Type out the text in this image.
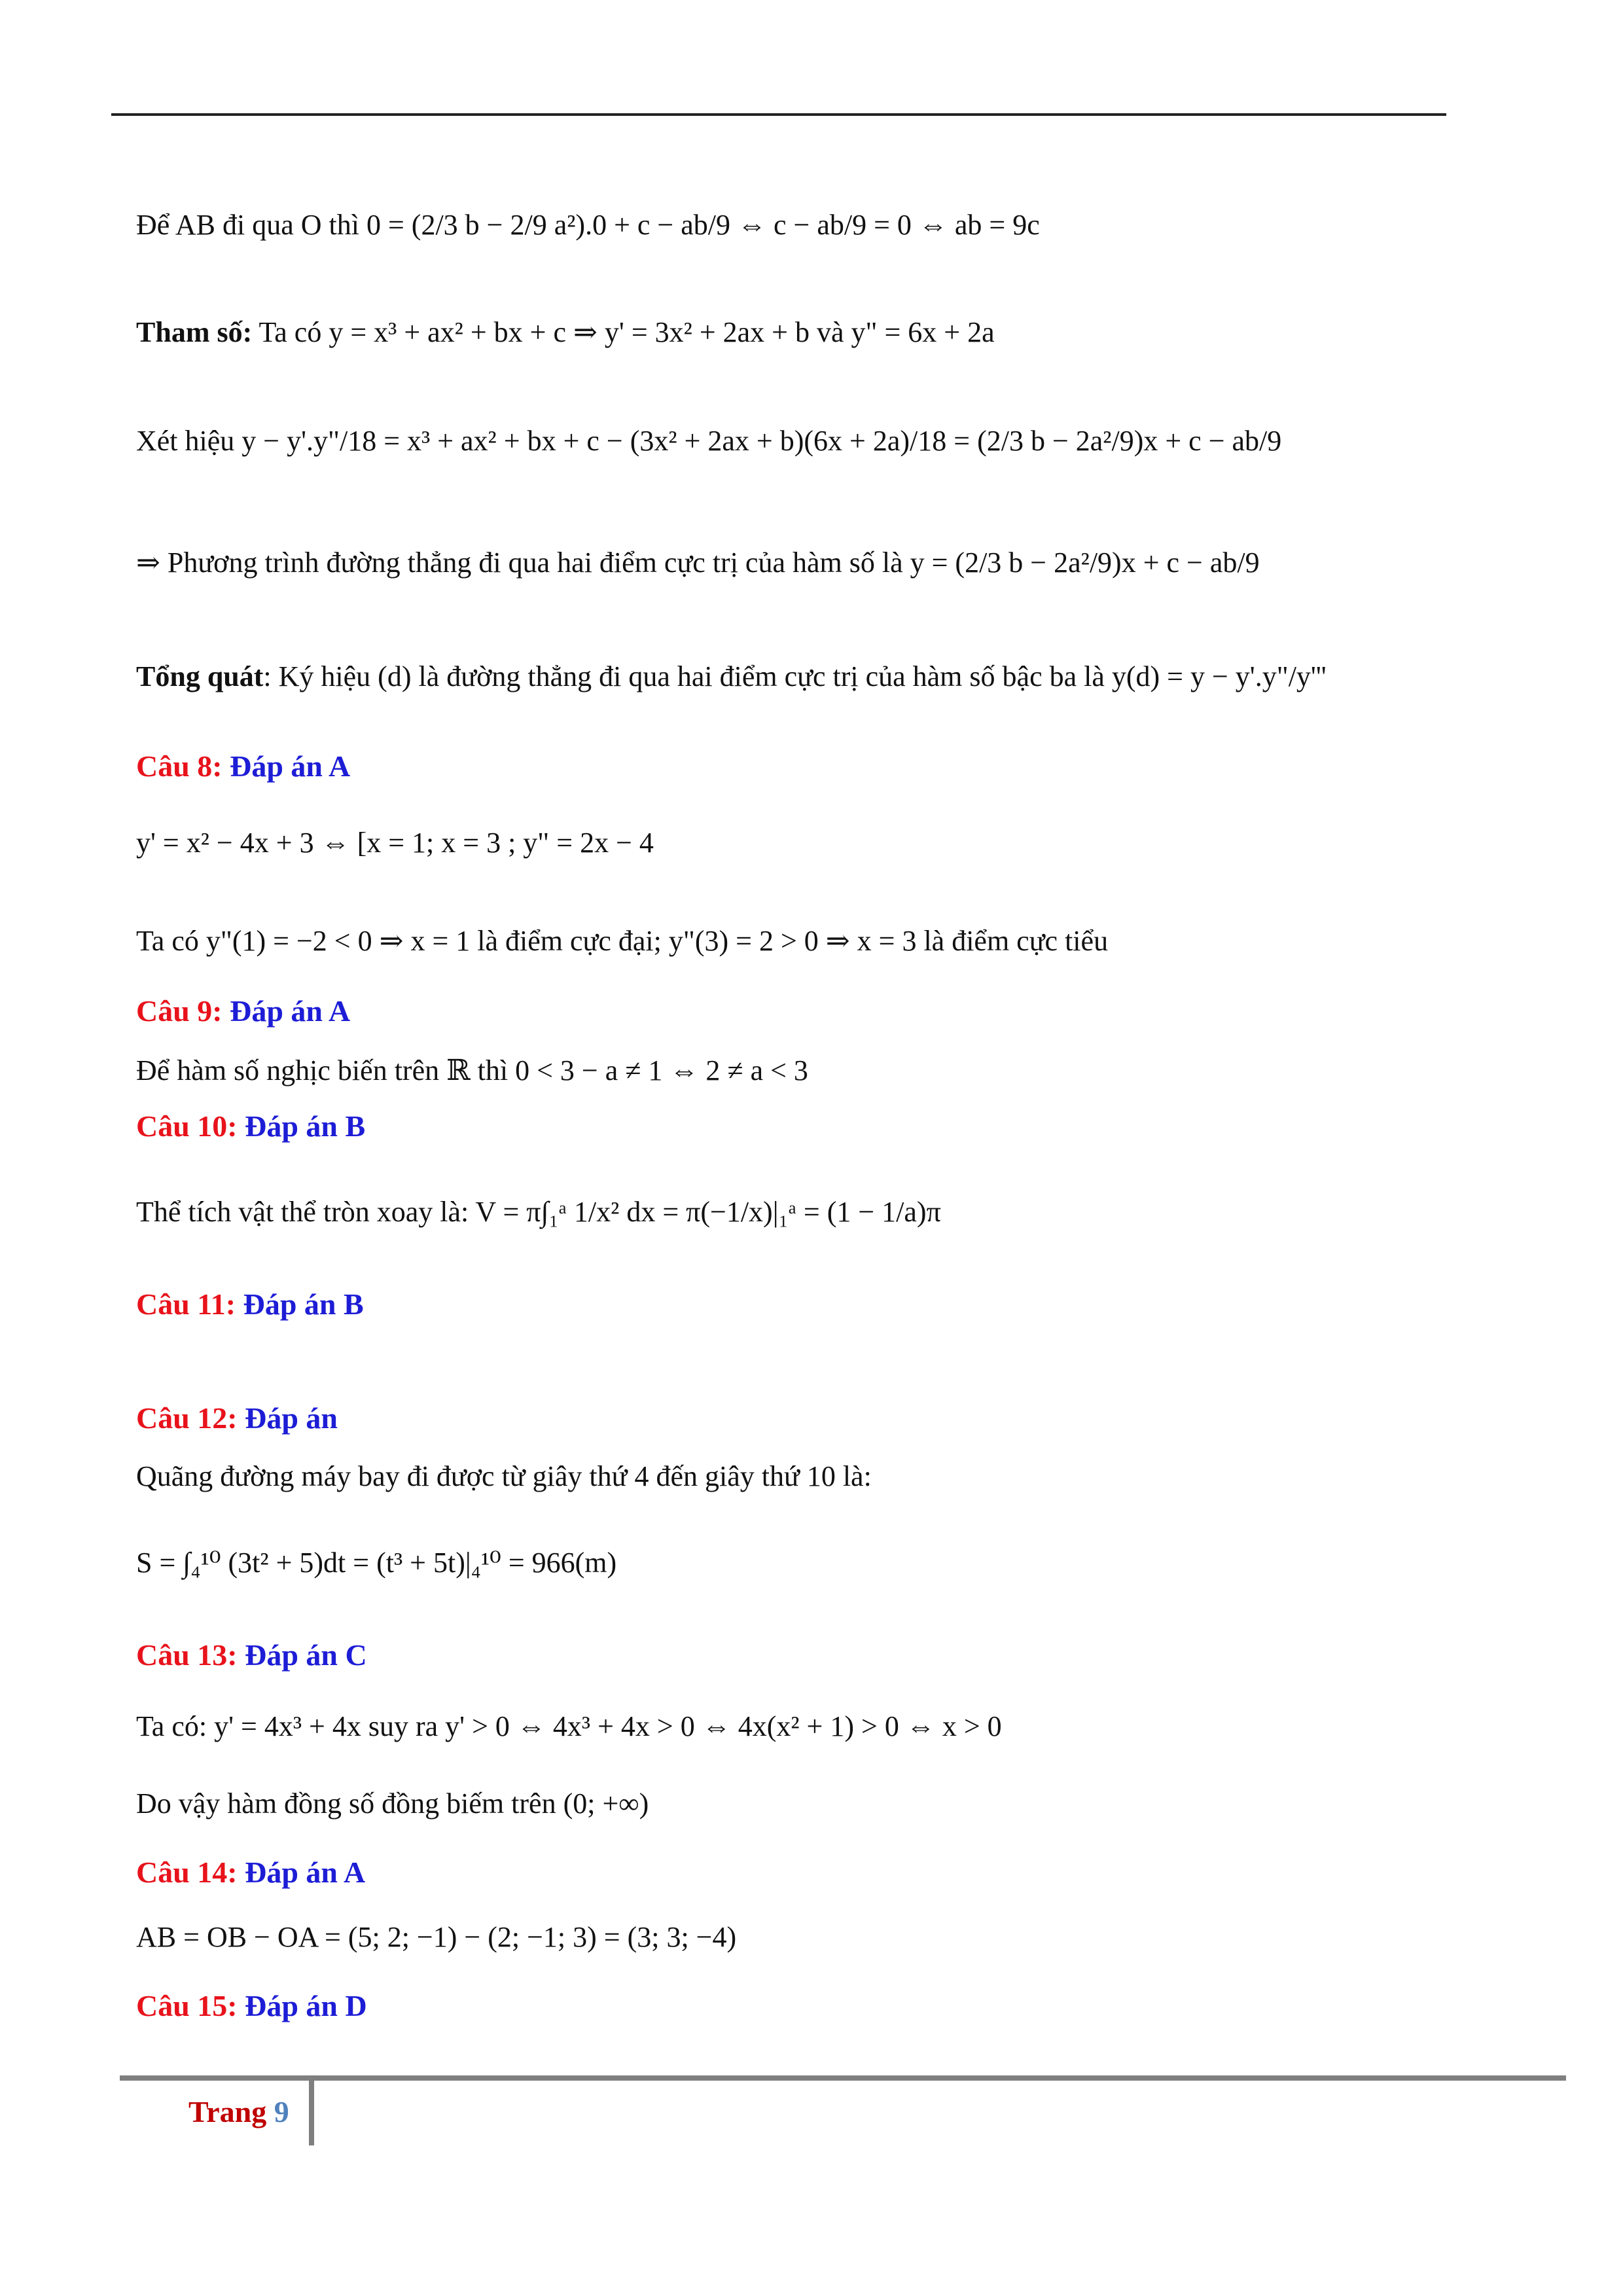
Để AB đi qua O thì 0 = (2/3 b − 2/9 a²).0 + c − ab/9 ⇔ c − ab/9 = 0 ⇔ ab = 9c
Tham số: Ta có y = x³ + ax² + bx + c ⇒ y' = 3x² + 2ax + b và y" = 6x + 2a
Xét hiệu y − y'.y"/18 = x³ + ax² + bx + c − (3x² + 2ax + b)(6x + 2a)/18 = (2/3 b − 2a²/9)x + c − ab/9
⇒ Phương trình đường thẳng đi qua hai điểm cực trị của hàm số là y = (2/3 b − 2a²/9)x + c − ab/9
Tổng quát: Ký hiệu (d) là đường thẳng đi qua hai điểm cực trị của hàm số bậc ba là y(d) = y − y'.y"/y'''
Câu 8: Đáp án A
y' = x² − 4x + 3 ⇔ [x = 1; x = 3 ; y" = 2x − 4
Ta có y"(1) = −2 < 0 ⇒ x = 1 là điểm cực đại; y"(3) = 2 > 0 ⇒ x = 3 là điểm cực tiểu
Câu 9: Đáp án A
Để hàm số nghịc biến trên ℝ thì 0 < 3 − a ≠ 1 ⇔ 2 ≠ a < 3
Câu 10: Đáp án B
Thể tích vật thể tròn xoay là: V = π∫₁ᵃ 1/x² dx = π(−1/x)|₁ᵃ = (1 − 1/a)π
Câu 11: Đáp án B
Câu 12: Đáp án
Quãng đường máy bay đi được từ giây thứ 4 đến giây thứ 10 là:
S = ∫₄¹⁰ (3t² + 5)dt = (t³ + 5t)|₄¹⁰ = 966(m)
Câu 13: Đáp án C
Ta có: y' = 4x³ + 4x suy ra y' > 0 ⇔ 4x³ + 4x > 0 ⇔ 4x(x² + 1) > 0 ⇔ x > 0
Do vậy hàm đồng số đồng biếm trên (0; +∞)
Câu 14: Đáp án A
AB = OB − OA = (5; 2; −1) − (2; −1; 3) = (3; 3; −4)
Câu 15: Đáp án D
Trang 9
